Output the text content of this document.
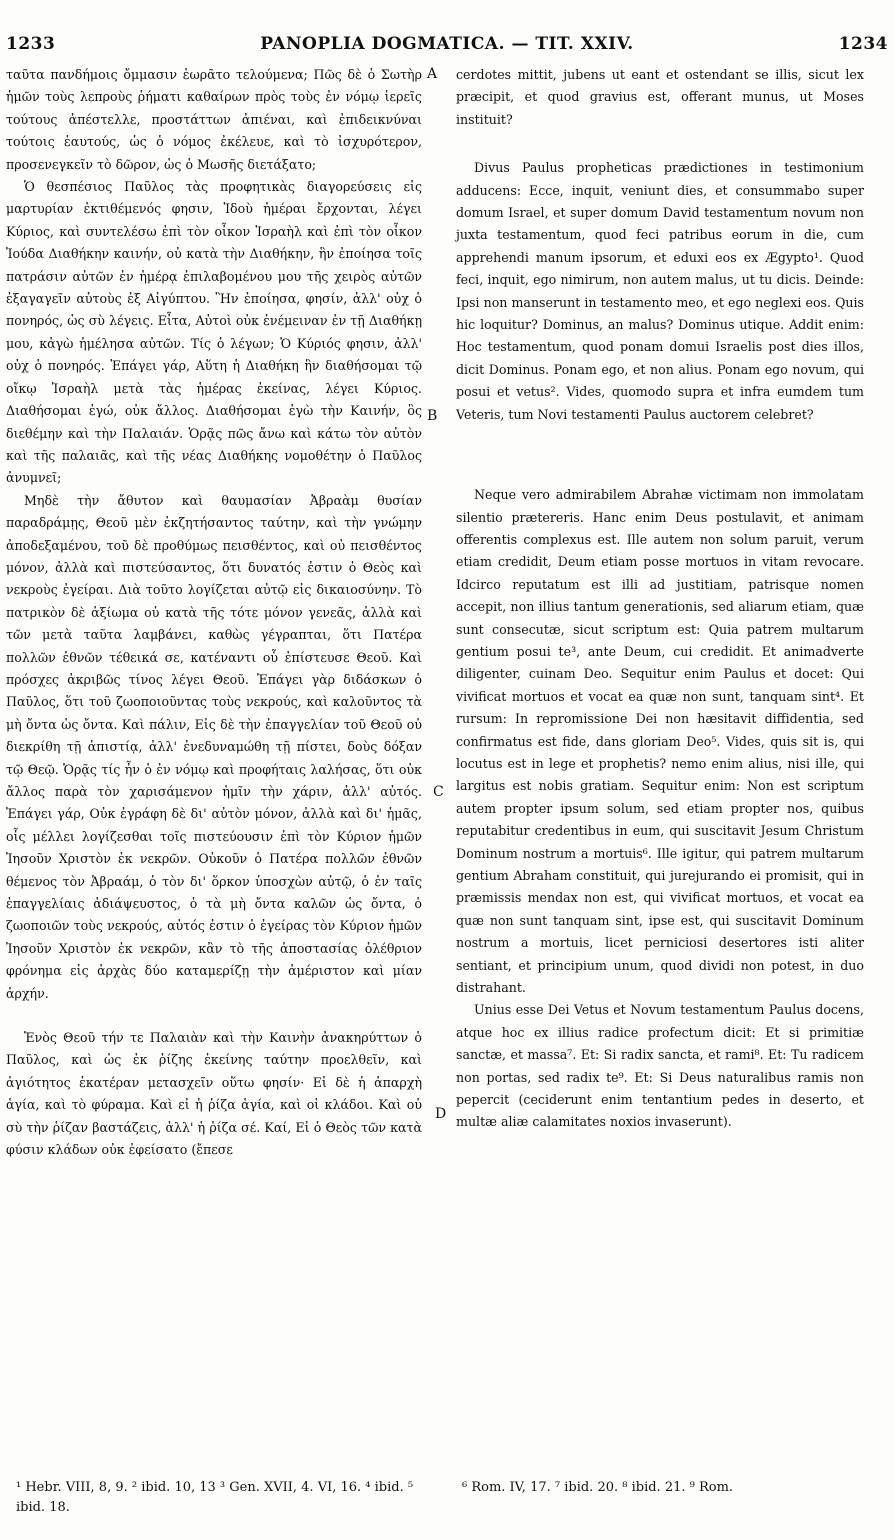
1233	PANOPLIA DOGMATICA. — TIT. XXIV.	1234
A
B
C
D

ταῦτα πανδήμοις ὄμμασιν ἑωρᾶτο τελούμενα; Πῶς δὲ ὁ Σωτὴρ ἡμῶν τοὺς λεπροὺς ῥήματι καθαίρων πρὸς τοὺς ἐν νόμῳ ἱερεῖς τούτους ἀπέστελλε, προστάττων ἀπιέναι, καὶ ἐπιδεικνύναι τούτοις ἑαυτούς, ὡς ὁ νόμος ἐκέλευε, καὶ τὸ ἰσχυρότερον, προσενεγκεῖν τὸ δῶρον, ὡς ὁ Μωσῆς διετάξατο;

Ὁ θεσπέσιος Παῦλος τὰς προφητικὰς διαγορεύσεις εἰς μαρτυρίαν ἐκτιθέμενός φησιν, Ἰδοὺ ἡμέραι ἔρχονται, λέγει Κύριος, καὶ συντελέσω ἐπὶ τὸν οἶκον Ἰσραὴλ καὶ ἐπὶ τὸν οἶκον Ἰούδα Διαθήκην καινήν, οὐ κατὰ τὴν Διαθήκην, ἣν ἐποίησα τοῖς πατράσιν αὐτῶν ἐν ἡμέρᾳ ἐπιλαβομένου μου τῆς χειρὸς αὐτῶν ἐξαγαγεῖν αὐτοὺς ἐξ Αἰγύπτου. Ἣν ἐποίησα, φησίν, ἀλλ' οὐχ ὁ πονηρός, ὡς σὺ λέγεις. Εἶτα, Αὐτοὶ οὐκ ἐνέμειναν ἐν τῇ Διαθήκῃ μου, κἀγὼ ἠμέλησα αὐτῶν. Τίς ὁ λέγων; Ὁ Κύριός φησιν, ἀλλ' οὐχ ὁ πονηρός. Ἐπάγει γάρ, Αὕτη ἡ Διαθήκη ἣν διαθήσομαι τῷ οἴκῳ Ἰσραὴλ μετὰ τὰς ἡμέρας ἐκείνας, λέγει Κύριος. Διαθήσομαι ἐγώ, οὐκ ἄλλος. Διαθήσομαι ἐγὼ τὴν Καινήν, ὃς διεθέμην καὶ τὴν Παλαιάν. Ὁρᾷς πῶς ἄνω καὶ κάτω τὸν αὐτὸν καὶ τῆς παλαιᾶς, καὶ τῆς νέας Διαθήκης νομοθέτην ὁ Παῦλος ἀνυμνεῖ;

Μηδὲ τὴν ἄθυτον καὶ θαυμασίαν Ἀβραὰμ θυσίαν παραδράμῃς, Θεοῦ μὲν ἐκζητήσαντος ταύτην, καὶ τὴν γνώμην ἀποδεξαμένου, τοῦ δὲ προθύμως πεισθέντος, καὶ οὐ πεισθέντος μόνον, ἀλλὰ καὶ πιστεύσαντος, ὅτι δυνατός ἐστιν ὁ Θεὸς καὶ νεκροὺς ἐγείραι. Διὰ τοῦτο λογίζεται αὐτῷ εἰς δικαιοσύνην. Τὸ πατρικὸν δὲ ἀξίωμα οὐ κατὰ τῆς τότε μόνον γενεᾶς, ἀλλὰ καὶ τῶν μετὰ ταῦτα λαμβάνει, καθὼς γέγραπται, ὅτι Πατέρα πολλῶν ἐθνῶν τέθεικά σε, κατέναντι οὗ ἐπίστευσε Θεοῦ. Καὶ πρόσχες ἀκριβῶς τίνος λέγει Θεοῦ. Ἐπάγει γὰρ διδάσκων ὁ Παῦλος, ὅτι τοῦ ζωοποιοῦντας τοὺς νεκρούς, καὶ καλοῦντος τὰ μὴ ὄντα ὡς ὄντα. Καὶ πάλιν, Εἰς δὲ τὴν ἐπαγγελίαν τοῦ Θεοῦ οὐ διεκρίθη τῇ ἀπιστίᾳ, ἀλλ' ἐνεδυναμώθη τῇ πίστει, δοὺς δόξαν τῷ Θεῷ. Ὁρᾷς τίς ἦν ὁ ἐν νόμῳ καὶ προφήταις λαλήσας, ὅτι οὐκ ἄλλος παρὰ τὸν χαρισάμενον ἡμῖν τὴν χάριν, ἀλλ' αὐτός. Ἐπάγει γάρ, Οὐκ ἐγράφη δὲ δι' αὐτὸν μόνον, ἀλλὰ καὶ δι' ἡμᾶς, οἷς μέλλει λογίζεσθαι τοῖς πιστεύουσιν ἐπὶ τὸν Κύριον ἡμῶν Ἰησοῦν Χριστὸν ἐκ νεκρῶν. Οὐκοῦν ὁ Πατέρα πολλῶν ἐθνῶν θέμενος τὸν Ἀβραάμ, ὁ τὸν δι' ὅρκον ὑποσχὼν αὐτῷ, ὁ ἐν ταῖς ἐπαγγελίαις ἀδιάψευστος, ὁ τὰ μὴ ὄντα καλῶν ὡς ὄντα, ὁ ζωοποιῶν τοὺς νεκρούς, αὐτός ἐστιν ὁ ἐγείρας τὸν Κύριον ἡμῶν Ἰησοῦν Χριστὸν ἐκ νεκρῶν, κἂν τὸ τῆς ἀποστασίας ὀλέθριον φρόνημα εἰς ἀρχὰς δύο καταμερίζῃ τὴν ἀμέριστον καὶ μίαν ἀρχήν.

Ἑνὸς Θεοῦ τήν τε Παλαιὰν καὶ τὴν Καινὴν ἀνακηρύττων ὁ Παῦλος, καὶ ὡς ἐκ ῥίζης ἐκείνης ταύτην προελθεῖν, καὶ ἁγιότητος ἑκατέραν μετασχεῖν οὕτω φησίν· Εἰ δὲ ἡ ἀπαρχὴ ἁγία, καὶ τὸ φύραμα. Καὶ εἰ ἡ ῥίζα ἁγία, καὶ οἱ κλάδοι. Καὶ οὐ σὺ τὴν ῥίζαν βαστάζεις, ἀλλ' ἡ ῥίζα σέ. Καί, Εἰ ὁ Θεὸς τῶν κατὰ φύσιν κλάδων οὐκ ἐφείσατο (ἔπεσε

cerdotes mittit, jubens ut eant et ostendant se illis, sicut lex præcipit, et quod gravius est, offerant munus, ut Moses instituit?

Divus Paulus propheticas prædictiones in testimonium adducens: Ecce, inquit, veniunt dies, et consummabo super domum Israel, et super domum David testamentum novum non juxta testamentum, quod feci patribus eorum in die, cum apprehendi manum ipsorum, et eduxi eos ex Ægypto¹. Quod feci, inquit, ego nimirum, non autem malus, ut tu dicis. Deinde: Ipsi non manserunt in testamento meo, et ego neglexi eos. Quis hic loquitur? Dominus, an malus? Dominus utique. Addit enim: Hoc testamentum, quod ponam domui Israelis post dies illos, dicit Dominus. Ponam ego, et non alius. Ponam ego novum, qui posui et vetus². Vides, quomodo supra et infra eumdem tum Veteris, tum Novi testamenti Paulus auctorem celebret?

Neque vero admirabilem Abrahæ victimam non immolatam silentio prætereris. Hanc enim Deus postulavit, et animam offerentis complexus est. Ille autem non solum paruit, verum etiam credidit, Deum etiam posse mortuos in vitam revocare. Idcirco reputatum est illi ad justitiam, patrisque nomen accepit, non illius tantum generationis, sed aliarum etiam, quæ sunt consecutæ, sicut scriptum est: Quia patrem multarum gentium posui te³, ante Deum, cui credidit. Et animadverte diligenter, cuinam Deo. Sequitur enim Paulus et docet: Qui vivificat mortuos et vocat ea quæ non sunt, tanquam sint⁴. Et rursum: In repromissione Dei non hæsitavit diffidentia, sed confirmatus est fide, dans gloriam Deo⁵. Vides, quis sit is, qui locutus est in lege et prophetis? nemo enim alius, nisi ille, qui largitus est nobis gratiam. Sequitur enim: Non est scriptum autem propter ipsum solum, sed etiam propter nos, quibus reputabitur credentibus in eum, qui suscitavit Jesum Christum Dominum nostrum a mortuis⁶. Ille igitur, qui patrem multarum gentium Abraham constituit, qui jurejurando ei promisit, qui in præmissis mendax non est, qui vivificat mortuos, et vocat ea quæ non sunt tanquam sint, ipse est, qui suscitavit Dominum nostrum a mortuis, licet perniciosi desertores isti aliter sentiant, et principium unum, quod dividi non potest, in duo distrahant.

Unius esse Dei Vetus et Novum testamentum Paulus docens, atque hoc ex illius radice profectum dicit: Et si primitiæ sanctæ, et massa⁷. Et: Si radix sancta, et rami⁸. Et: Tu radicem non portas, sed radix te⁹. Et: Si Deus naturalibus ramis non pepercit (ceciderunt enim tentantium pedes in deserto, et multæ aliæ calamitates noxios invaserunt).

¹ Hebr. VIII, 8, 9. ² ibid. 10, 13 ³ Gen. XVII, 4. VI, 16. ⁴ ibid. ⁵ ibid. 18.
⁶ Rom. IV, 17. ⁷ ibid. 20. ⁸ ibid. 21. ⁹ Rom.
